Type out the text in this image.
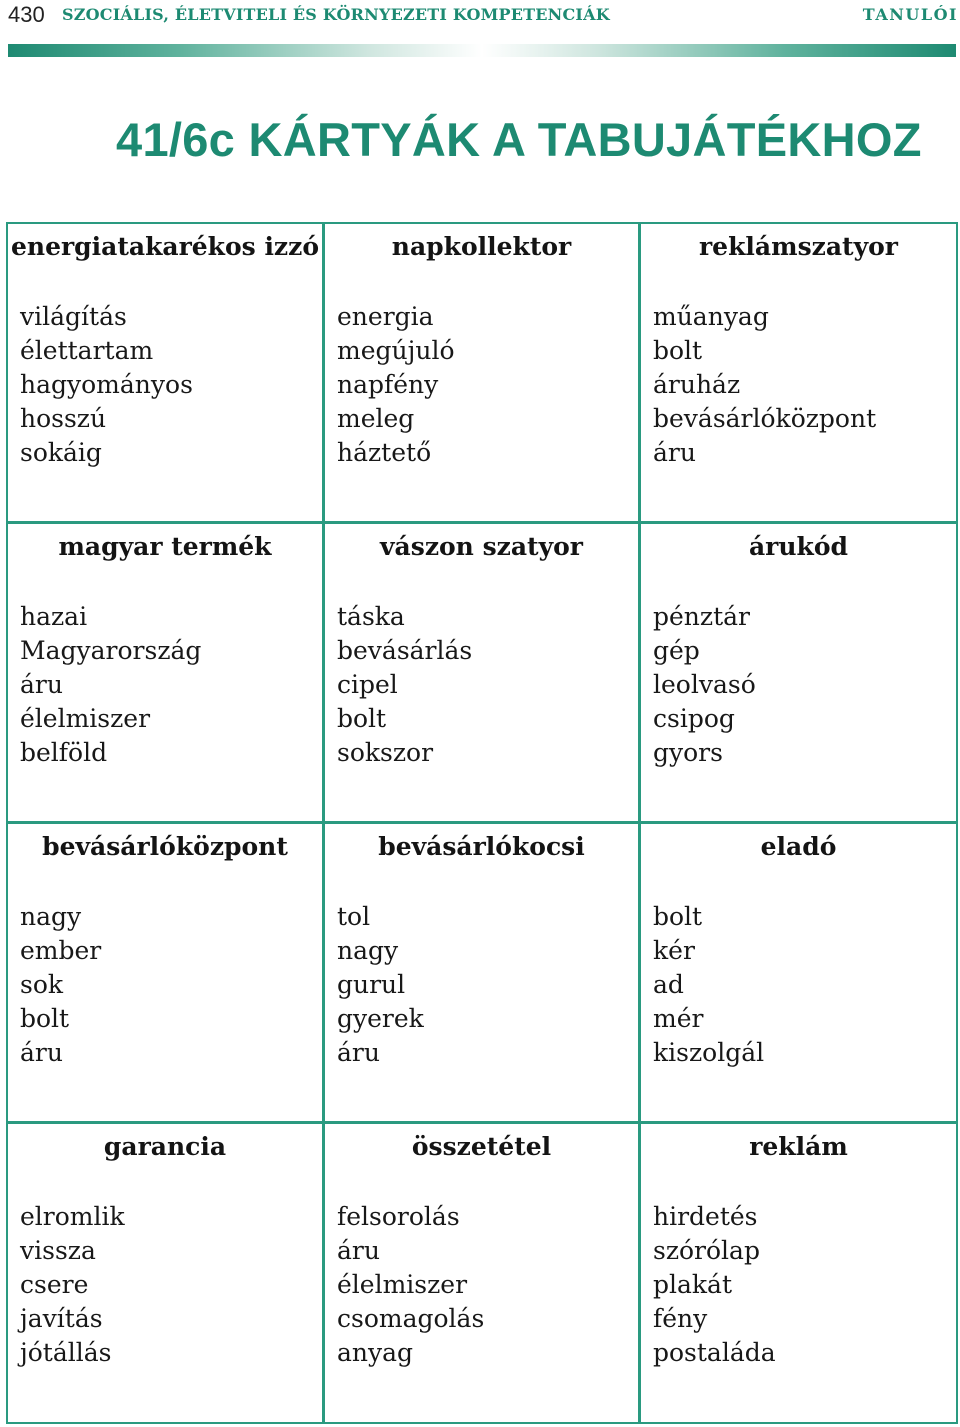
430 SZOCIÁLIS, ÉLETVITELI ÉS KÖRNYEZETI KOMPETENCIÁK	TANULÓI
41/6c KÁRTYÁK A TABUJÁTÉKHOZ
energiatakarékos izzó
világítás
élettartam
hagyományos
hosszú
sokáig
napkollektor
energia
megújuló
napfény
meleg
háztető
reklámszatyor
műanyag
bolt
áruház
bevásárlóközpont
áru
magyar termék
hazai
Magyarország
áru
élelmiszer
belföld
vászon szatyor
táska
bevásárlás
cipel
bolt
sokszor
árukód
pénztár
gép
leolvasó
csipog
gyors
bevásárlóközpont
nagy
ember
sok
bolt
áru
bevásárlókocsi
tol
nagy
gurul
gyerek
áru
eladó
bolt
kér
ad
mér
kiszolgál
garancia
elromlik
vissza
csere
javítás
jótállás
összetétel
felsorolás
áru
élelmiszer
csomagolás
anyag
reklám
hirdetés
szórólap
plakát
fény
postaláda
